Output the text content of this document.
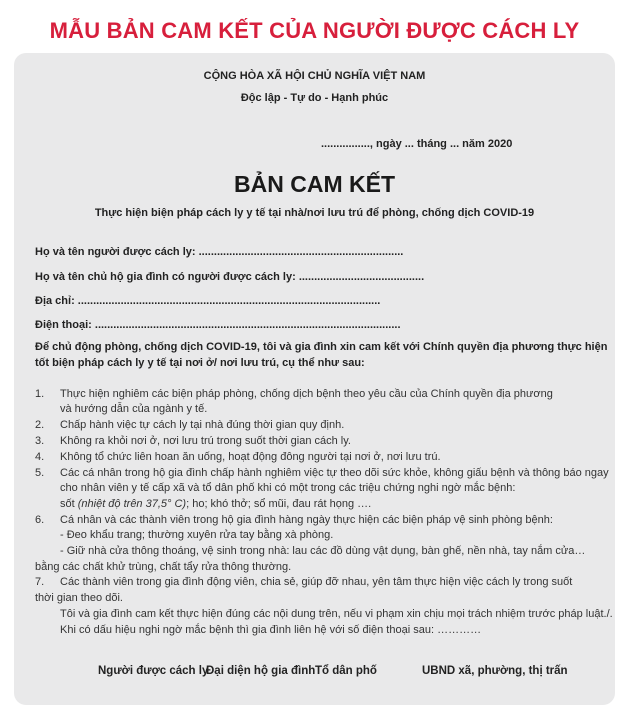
MẪU BẢN CAM KẾT CỦA NGƯỜI ĐƯỢC CÁCH LY
CỘNG HÒA XÃ HỘI CHỦ NGHĨA VIỆT NAM
Độc lập - Tự do - Hạnh phúc
................, ngày ... tháng ... năm 2020
BẢN CAM KẾT
Thực hiện biện pháp cách ly y tế tại nhà/nơi lưu trú để phòng, chống dịch COVID-19
Họ và tên người được cách ly: ...................................................................
Họ và tên chủ hộ gia đình có người được cách ly: .........................................
Địa chỉ: ...................................................................................................
Điện thoại: ....................................................................................................
Để chủ động phòng, chống dịch COVID-19, tôi và gia đình xin cam kết với Chính quyền địa phương thực hiện
tốt biện pháp cách ly y tế tại nơi ở/ nơi lưu trú, cụ thể như sau:
1. Thực hiện nghiêm các biện pháp phòng, chống dịch bệnh theo yêu cầu của Chính quyền địa phương
và hướng dẫn của ngành y tế.
2. Chấp hành việc tự cách ly tại nhà đúng thời gian quy định.
3. Không ra khỏi nơi ở, nơi lưu trú trong suốt thời gian cách ly.
4. Không tổ chức liên hoan ăn uống, hoạt động đông người tại nơi ở, nơi lưu trú.
5. Các cá nhân trong hộ gia đình chấp hành nghiêm việc tự theo dõi sức khỏe, không giấu bệnh và thông báo ngay
cho nhân viên y tế cấp xã và tổ dân phố khi có một trong các triệu chứng nghi ngờ mắc bệnh:
sốt (nhiệt độ trên 37,5° C); ho; khó thở; sổ mũi, đau rát họng ….
6. Cá nhân và các thành viên trong hộ gia đình hàng ngày thực hiện các biện pháp vệ sinh phòng bệnh:
- Đeo khẩu trang; thường xuyên rửa tay bằng xà phòng.
- Giữ nhà cửa thông thoáng, vệ sinh trong nhà: lau các đồ dùng vật dụng, bàn ghế, nền nhà, tay nắm cửa…
bằng các chất khử trùng, chất tẩy rửa thông thường.
7. Các thành viên trong gia đình động viên, chia sẻ, giúp đỡ nhau, yên tâm thực hiện việc cách ly trong suốt
thời gian theo dõi.
Tôi và gia đình cam kết thực hiện đúng các nội dung trên, nếu vi phạm xin chịu mọi trách nhiệm trước pháp luật./.
Khi có dấu hiệu nghi ngờ mắc bệnh thì gia đình liên hệ với số điện thoại sau: …………
Người được cách ly
Đại diện hộ gia đình Tổ dân phố	UBND xã, phường, thị trấn
